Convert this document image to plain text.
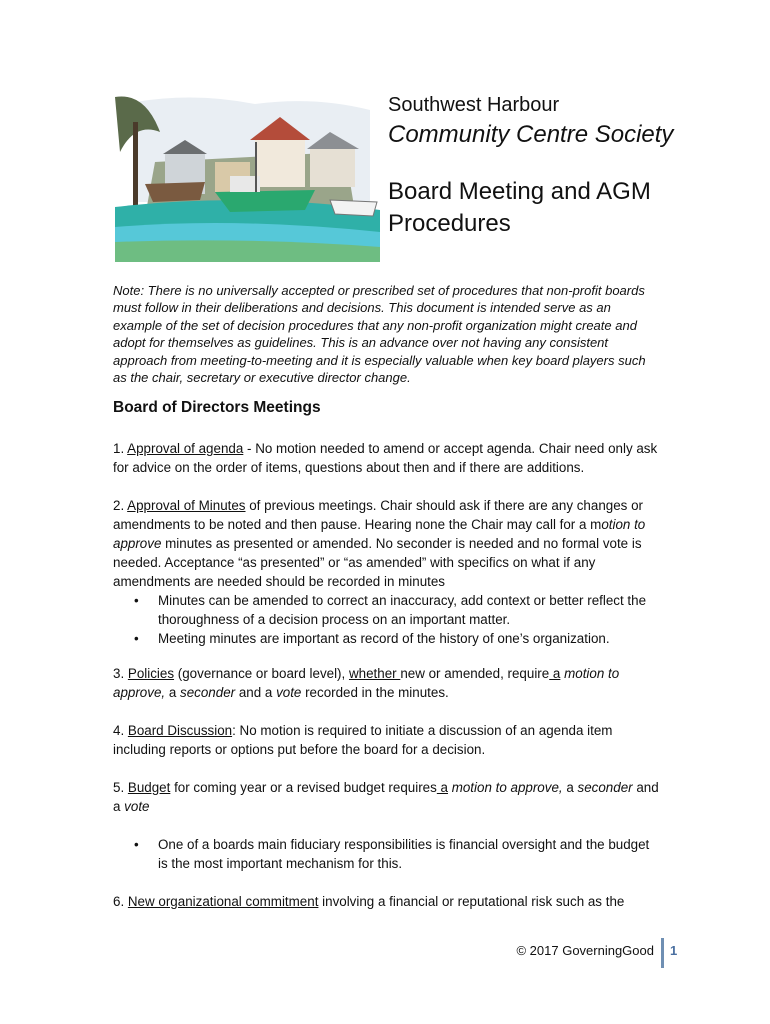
Southwest Harbour
Community Centre Society
Board Meeting and AGM Procedures
Note: There is no universally accepted or prescribed set of procedures that non-profit boards must follow in their deliberations and decisions. This document is intended serve as an example of the set of decision procedures that any non-profit organization might create and adopt for themselves as guidelines. This is an advance over not having any consistent approach from meeting-to-meeting and it is especially valuable when key board players such as the chair, secretary or executive director change.
Board of Directors Meetings
1. Approval of agenda - No motion needed to amend or accept agenda. Chair need only ask for advice on the order of items, questions about then and if there are additions.
2. Approval of Minutes of previous meetings. Chair should ask if there are any changes or amendments to be noted and then pause. Hearing none the Chair may call for a motion to approve minutes as presented or amended. No seconder is needed and no formal vote is needed. Acceptance “as presented” or “as amended” with specifics on what if any amendments are needed should be recorded in minutes
• Minutes can be amended to correct an inaccuracy, add context or better reflect the thoroughness of a decision process on an important matter.
• Meeting minutes are important as record of the history of one’s organization.
3. Policies (governance or board level), whether new or amended, require a motion to approve, a seconder and a vote recorded in the minutes.
4. Board Discussion: No motion is required to initiate a discussion of an agenda item including reports or options put before the board for a decision.
5. Budget for coming year or a revised budget requires a motion to approve, a seconder and a vote
• One of a boards main fiduciary responsibilities is financial oversight and the budget is the most important mechanism for this.
6. New organizational commitment involving a financial or reputational risk such as the
© 2017 GoverningGood 1
